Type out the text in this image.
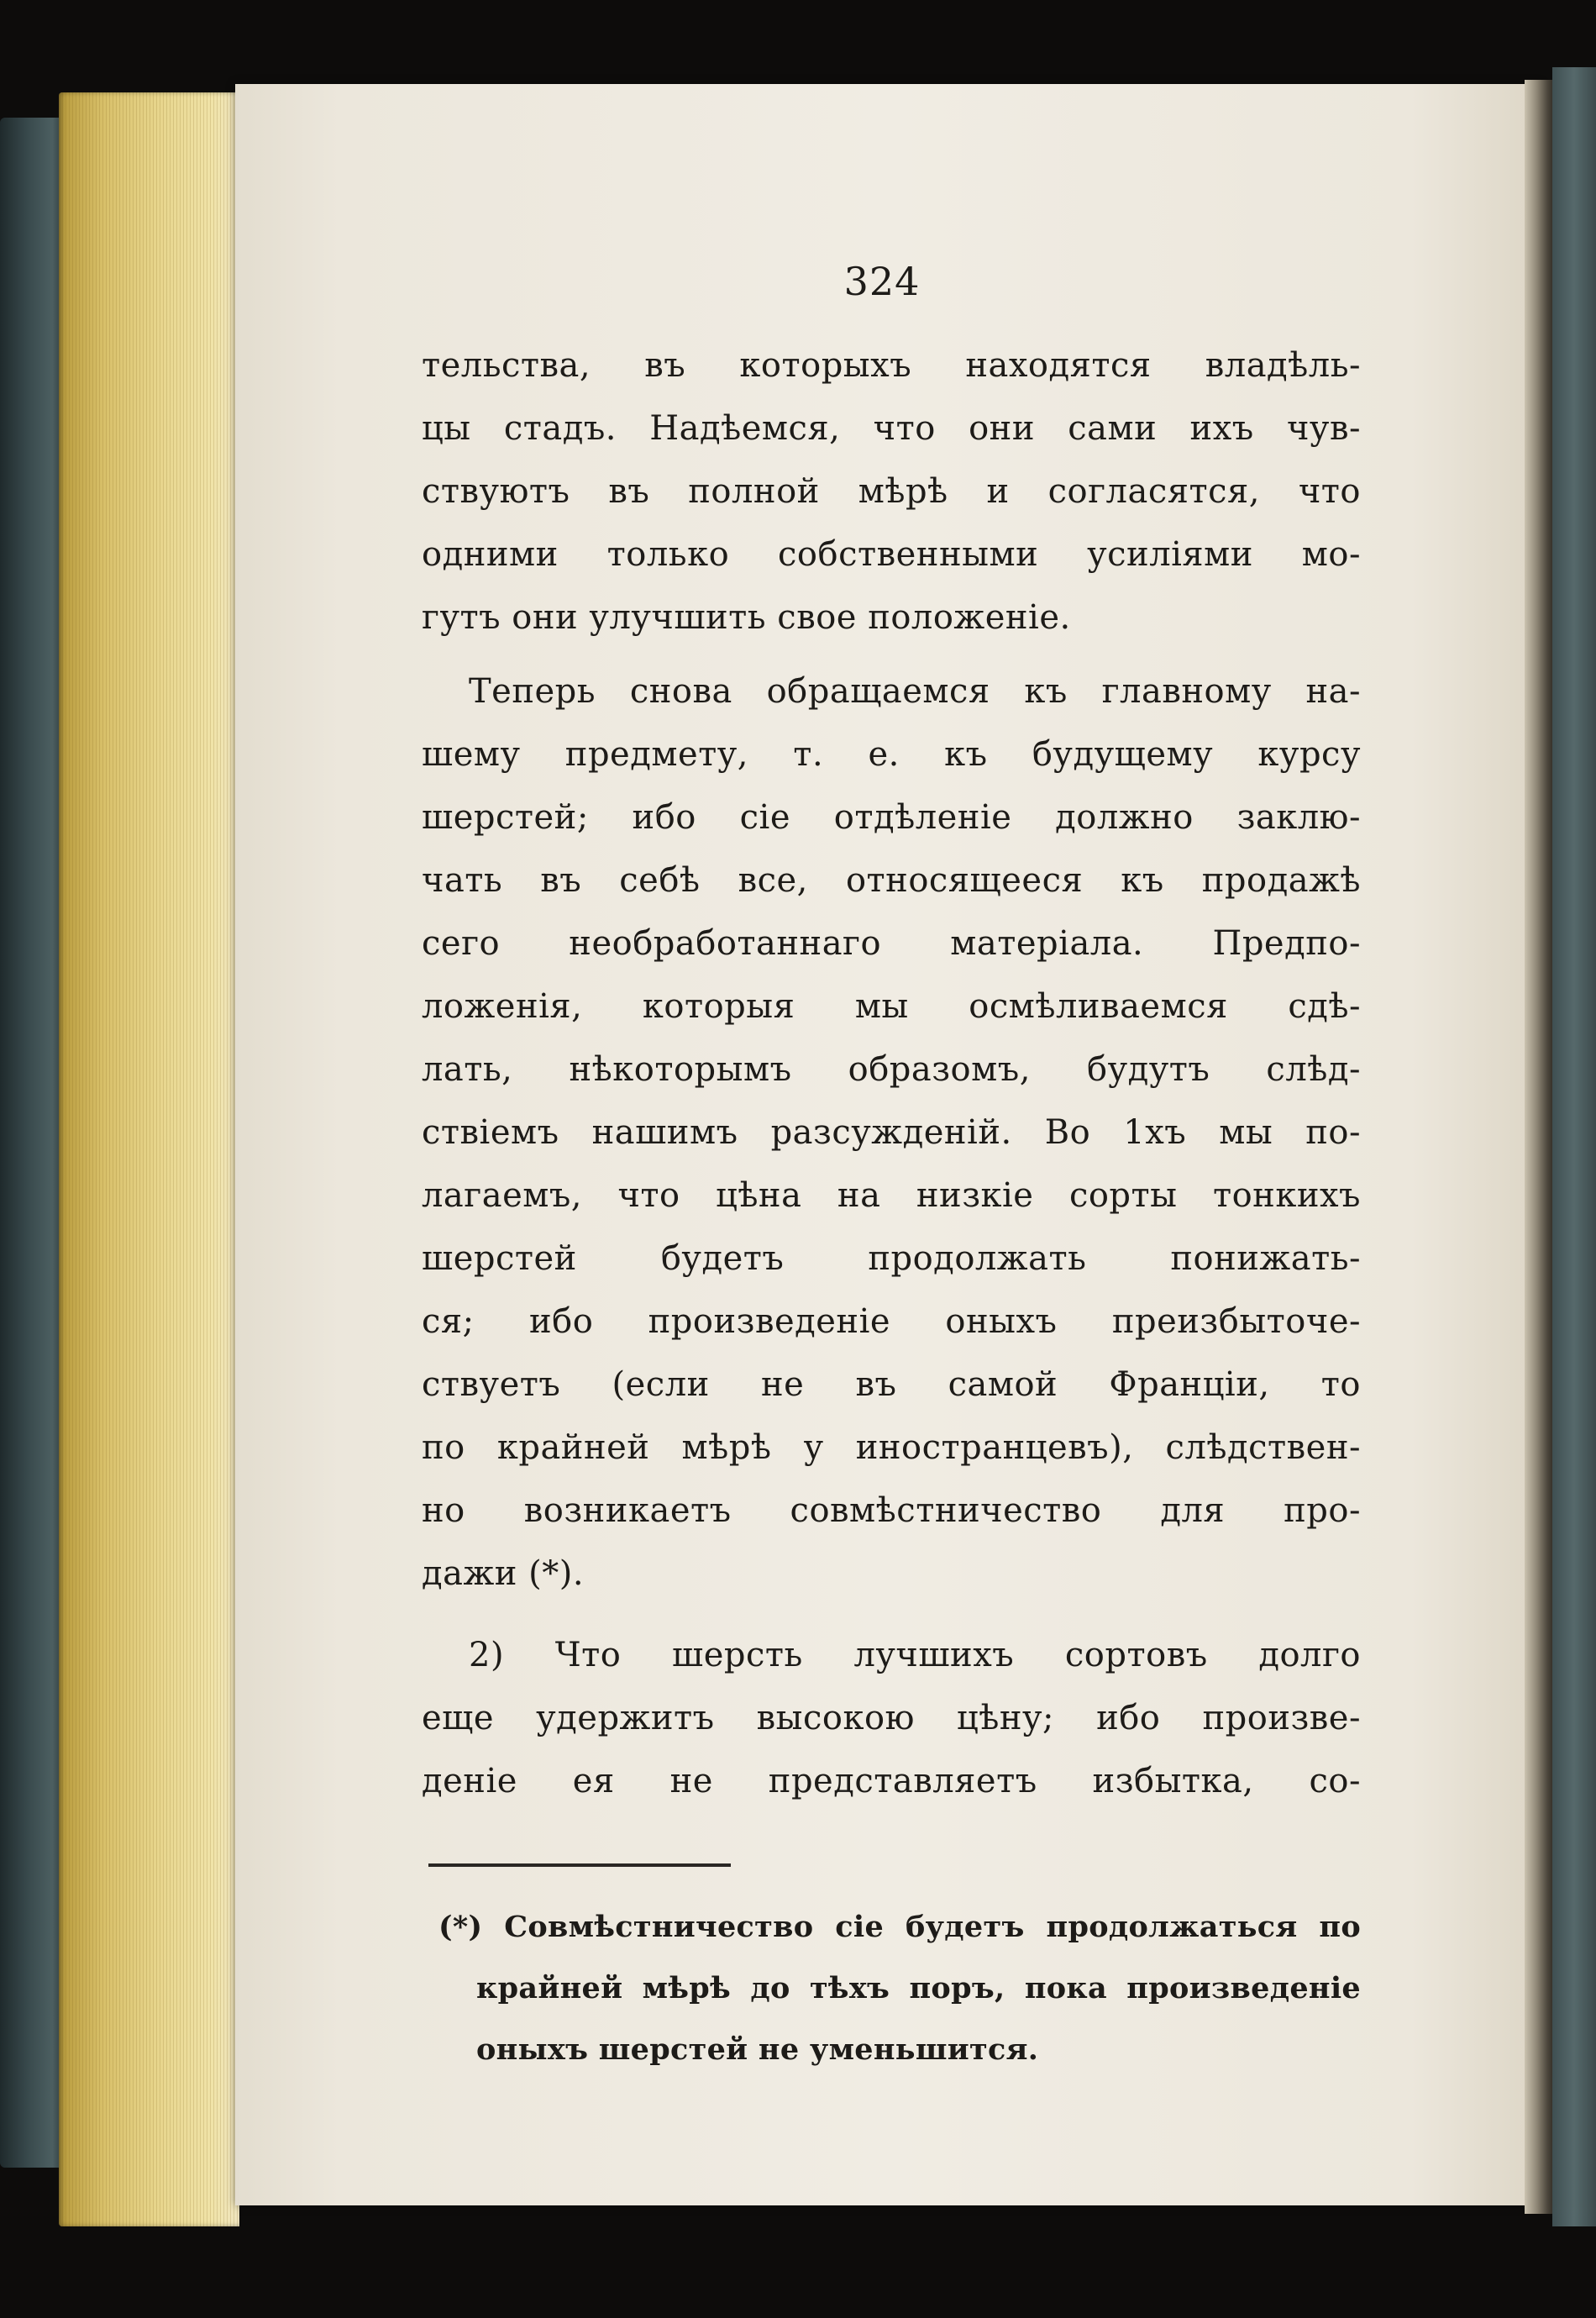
324
тельства, въ которыхъ находятся владѣль-
цы стадъ. Надѣемся, что они сами ихъ чув-
ствуютъ въ полной мѣрѣ и согласятся, что
одними только собственными усиліями мо-
гутъ они улучшить свое положеніе.
Теперь снова обращаемся къ главному на-
шему предмету, т. е. къ будущему курсу
шерстей; ибо сіе отдѣленіе должно заклю-
чать въ себѣ все, относящееся къ продажѣ
сего необработаннаго матеріала. Предпо-
ложенія, которыя мы осмѣливаемся сдѣ-
лать, нѣкоторымъ образомъ, будутъ слѣд-
ствіемъ нашимъ разсужденій. Во 1хъ мы по-
лагаемъ, что цѣна на низкіе сорты тонкихъ
шерстей будетъ продолжать понижать-
ся; ибо произведеніе оныхъ преизбыточе-
ствуетъ (если не въ самой Франціи, то
по крайней мѣрѣ у иностранцевъ), слѣдствен-
но возникаетъ совмѣстничество для про-
дажи (*).
2) Что шерсть лучшихъ сортовъ долго
еще удержитъ высокою цѣну; ибо произве-
деніе ея не представляетъ избытка, со-
(*) Совмѣстничество сіе будетъ продолжаться по
крайней мѣрѣ до тѣхъ поръ, пока произведеніе
оныхъ шерстей не уменьшится.
